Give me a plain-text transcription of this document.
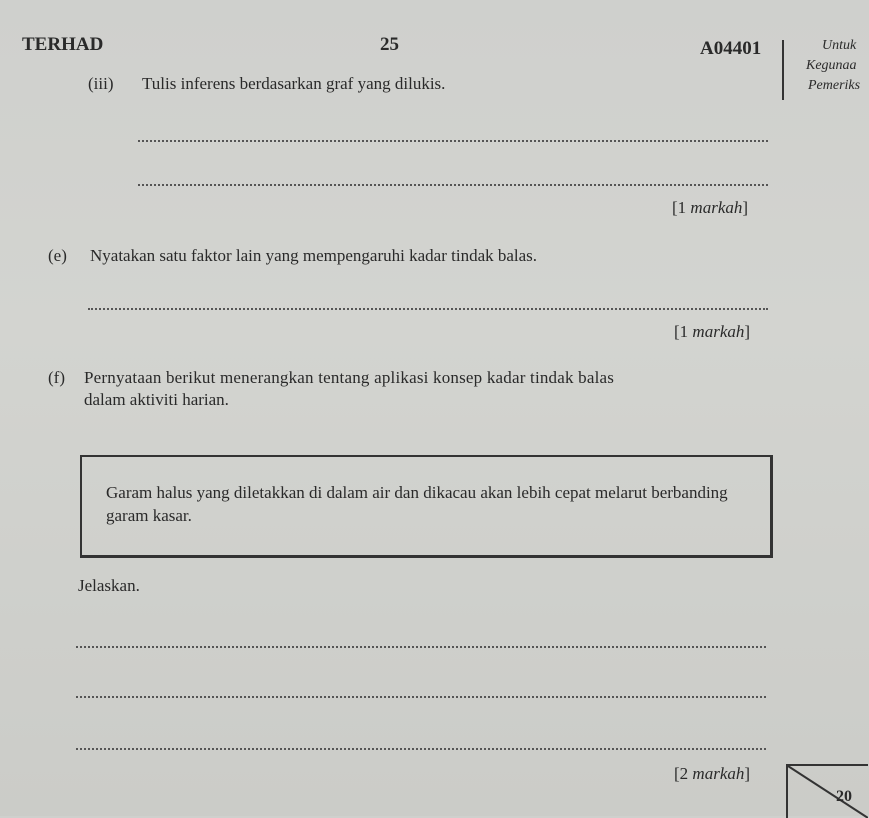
TERHAD	25	A04401	Untuk
Kegunaa
Pemeriks
(iii) Tulis inferens berdasarkan graf yang dilukis.
[1 markah]
(e) Nyatakan satu faktor lain yang mempengaruhi kadar tindak balas.
[1 markah]
(f) Pernyataan berikut menerangkan tentang aplikasi konsep kadar tindak balas
dalam aktiviti harian.
Garam halus yang diletakkan di dalam air dan dikacau akan lebih cepat melarut berbanding garam kasar.
Jelaskan.
[2 markah]
20
